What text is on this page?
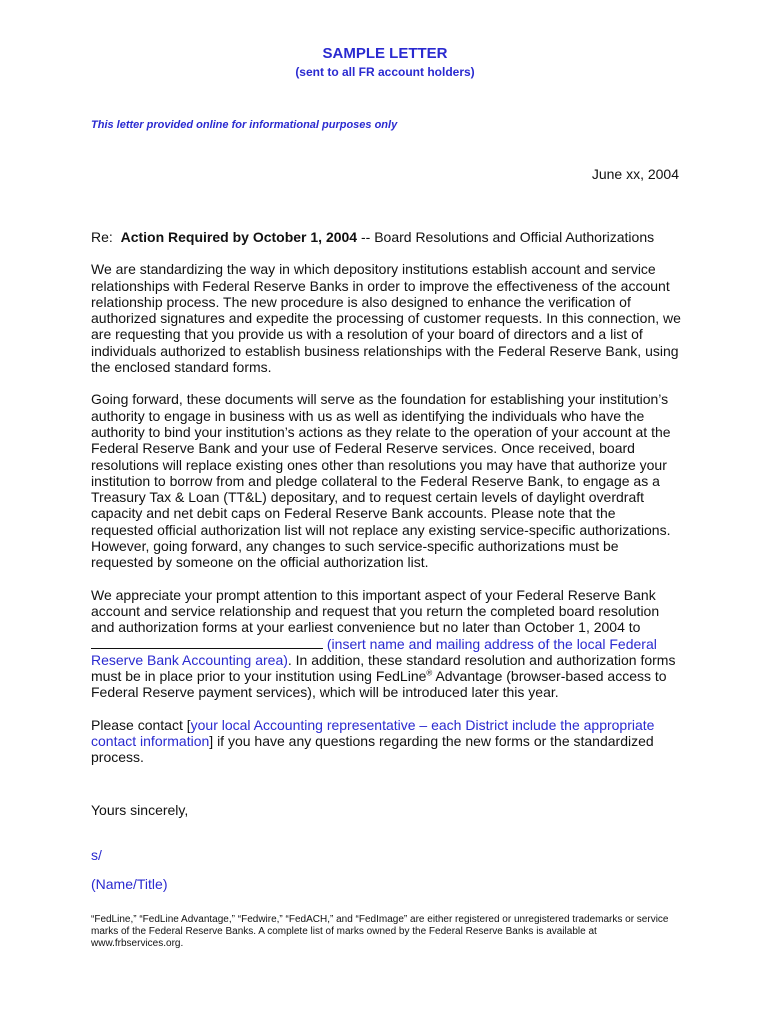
SAMPLE LETTER
(sent to all FR account holders)
This letter provided online for informational purposes only
June xx, 2004
Re: Action Required by October 1, 2004 -- Board Resolutions and Official Authorizations

We are standardizing the way in which depository institutions establish account and service relationships with Federal Reserve Banks in order to improve the effectiveness of the account relationship process. The new procedure is also designed to enhance the verification of authorized signatures and expedite the processing of customer requests. In this connection, we are requesting that you provide us with a resolution of your board of directors and a list of individuals authorized to establish business relationships with the Federal Reserve Bank, using the enclosed standard forms.

Going forward, these documents will serve as the foundation for establishing your institution’s authority to engage in business with us as well as identifying the individuals who have the authority to bind your institution’s actions as they relate to the operation of your account at the Federal Reserve Bank and your use of Federal Reserve services. Once received, board resolutions will replace existing ones other than resolutions you may have that authorize your institution to borrow from and pledge collateral to the Federal Reserve Bank, to engage as a Treasury Tax & Loan (TT&L) depositary, and to request certain levels of daylight overdraft capacity and net debit caps on Federal Reserve Bank accounts. Please note that the requested official authorization list will not replace any existing service-specific authorizations. However, going forward, any changes to such service-specific authorizations must be requested by someone on the official authorization list.

We appreciate your prompt attention to this important aspect of your Federal Reserve Bank account and service relationship and request that you return the completed board resolution and authorization forms at your earliest convenience but no later than October 1, 2004 to  (insert name and mailing address of the local Federal Reserve Bank Accounting area). In addition, these standard resolution and authorization forms must be in place prior to your institution using FedLine® Advantage (browser-based access to Federal Reserve payment services), which will be introduced later this year.

Please contact [your local Accounting representative – each District include the appropriate contact information] if you have any questions regarding the new forms or the standardized process.

Yours sincerely,
s/
(Name/Title)
“FedLine,” “FedLine Advantage,” “Fedwire,” “FedACH,” and “FedImage” are either registered or unregistered trademarks or service marks of the Federal Reserve Banks. A complete list of marks owned by the Federal Reserve Banks is available at www.frbservices.org.
